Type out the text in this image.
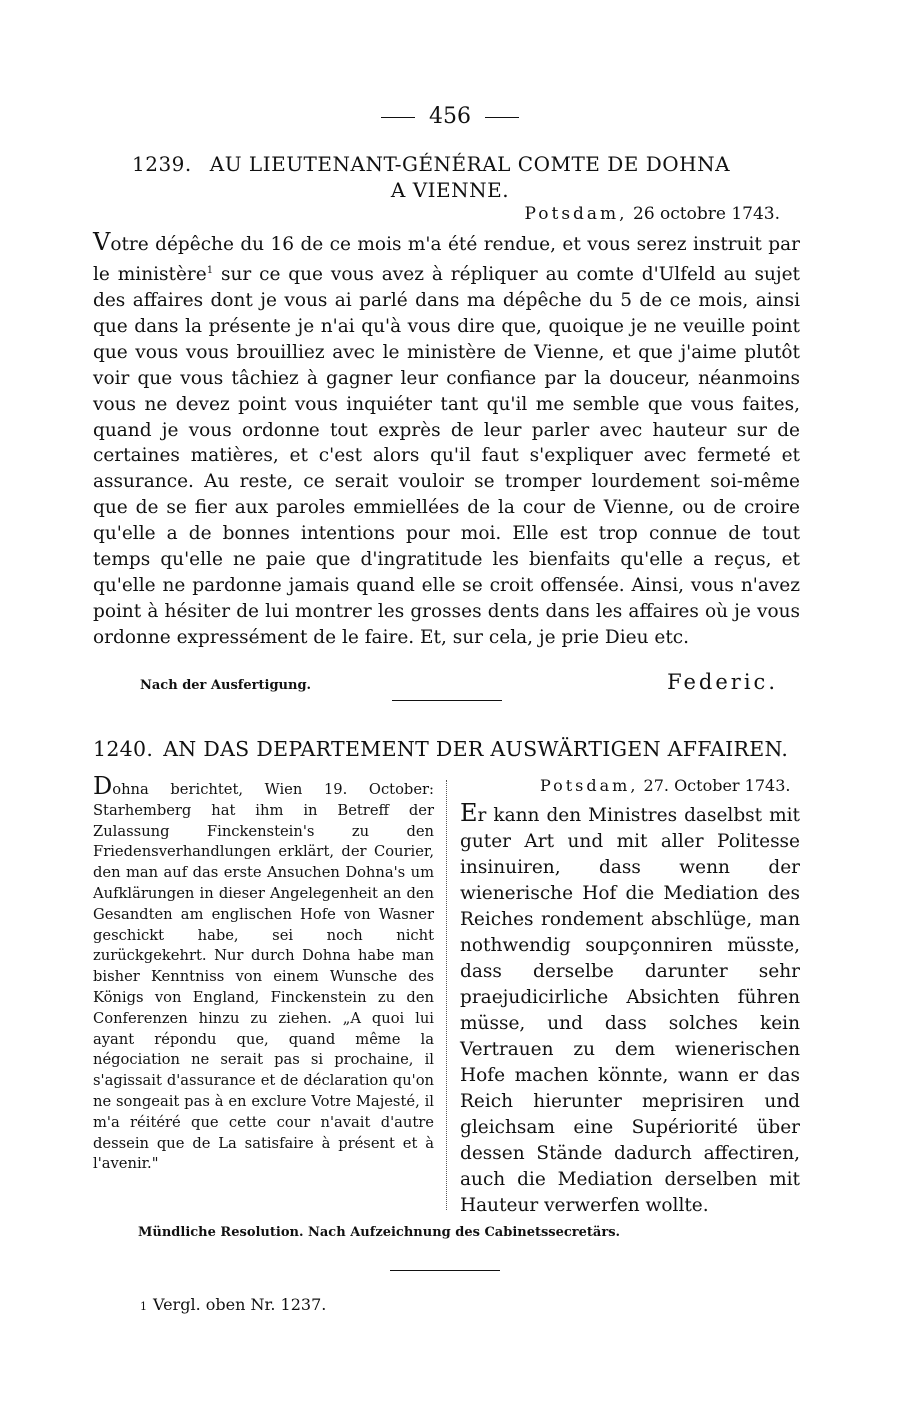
456
1239. AU LIEUTENANT-GÉNÉRAL COMTE DE DOHNA
A VIENNE.
Potsdam, 26 octobre 1743.

Votre dépêche du 16 de ce mois m'a été rendue, et vous serez instruit par le ministère$^1$ sur ce que vous avez à répliquer au comte d'Ulfeld au sujet des affaires dont je vous ai parlé dans ma dépêche du 5 de ce mois, ainsi que dans la présente je n'ai qu'à vous dire que, quoique je ne veuille point que vous vous brouilliez avec le ministère de Vienne, et que j'aime plutôt voir que vous tâchiez à gagner leur confiance par la douceur, néanmoins vous ne devez point vous inquiéter tant qu'il me semble que vous faites, quand je vous ordonne tout exprès de leur parler avec hauteur sur de certaines matières, et c'est alors qu'il faut s'expliquer avec fermeté et assurance. Au reste, ce serait vouloir se tromper lourdement soi-même que de se fier aux paroles emmiellées de la cour de Vienne, ou de croire qu'elle a de bonnes intentions pour moi. Elle est trop connue de tout temps qu'elle ne paie que d'ingratitude les bienfaits qu'elle a reçus, et qu'elle ne pardonne jamais quand elle se croit offensée. Ainsi, vous n'avez point à hésiter de lui montrer les grosses dents dans les affaires où je vous ordonne expressément de le faire. Et, sur cela, je prie Dieu etc.

Nach der Ausfertigung.	Federic.
1240. AN DAS DEPARTEMENT DER AUSWÄRTIGEN AFFAIREN.

Dohna berichtet, Wien 19. October: Starhemberg hat ihm in Betreff der Zulassung Finckenstein's zu den Friedensverhandlungen erklärt, der Courier, den man auf das erste Ansuchen Dohna's um Aufklärungen in dieser Angelegenheit an den Gesandten am englischen Hofe von Wasner geschickt habe, sei noch nicht zurückgekehrt. Nur durch Dohna habe man bisher Kenntniss von einem Wunsche des Königs von England, Finckenstein zu den Conferenzen hinzu zu ziehen. „A quoi lui ayant répondu que, quand même la négociation ne serait pas si prochaine, il s'agissait d'assurance et de déclaration qu'on ne songeait pas à en exclure Votre Majesté, il m'a réitéré que cette cour n'avait d'autre dessein que de La satisfaire à présent et à l'avenir."

Potsdam, 27. October 1743.

Er kann den Ministres daselbst mit guter Art und mit aller Politesse insinuiren, dass wenn der wienerische Hof die Mediation des Reiches rondement abschlüge, man nothwendig soupçonniren müsste, dass derselbe darunter sehr praejudicirliche Absichten führen müsse, und dass solches kein Vertrauen zu dem wienerischen Hofe machen könnte, wann er das Reich hierunter meprisiren und gleichsam eine Supériorité über dessen Stände dadurch affectiren, auch die Mediation derselben mit Hauteur verwerfen wollte.

Mündliche Resolution. Nach Aufzeichnung des Cabinetssecretärs.
1 Vergl. oben Nr. 1237.
